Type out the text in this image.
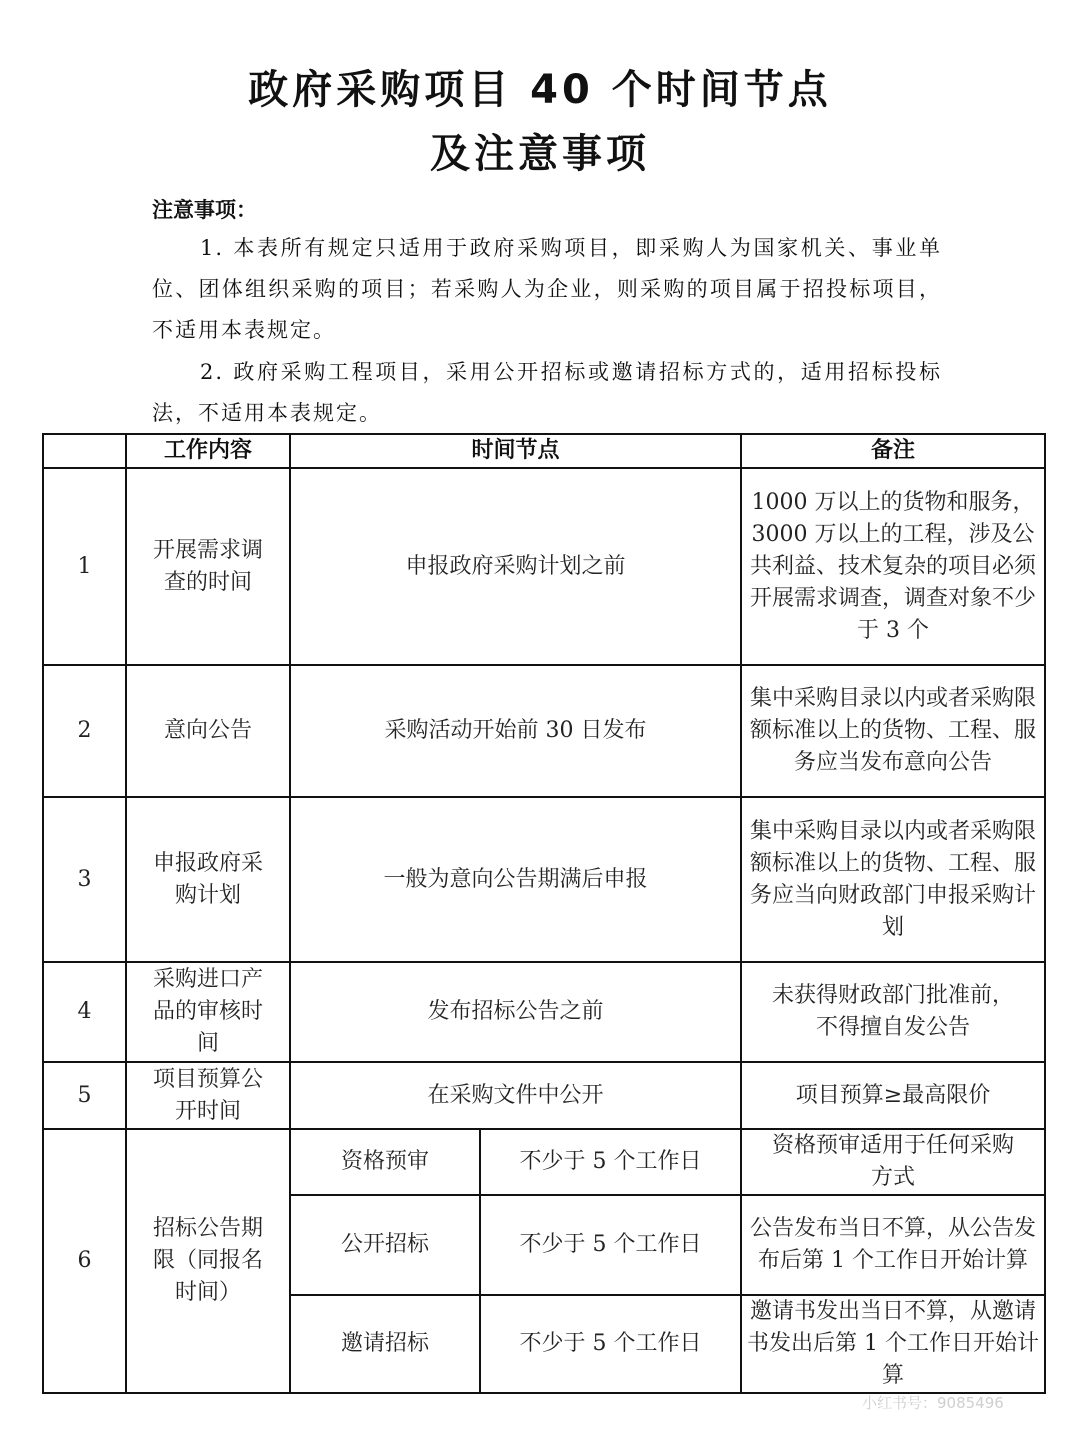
政府采购项目 40 个时间节点
及注意事项
注意事项：
1. 本表所有规定只适用于政府采购项目，即采购人为国家机关、事业单位、团体组织采购的项目；若采购人为企业，则采购的项目属于招投标项目，不适用本表规定。
2. 政府采购工程项目，采用公开招标或邀请招标方式的，适用招标投标法，不适用本表规定。
	工作内容	时间节点		备注
1	开展需求调查的时间	申报政府采购计划之前		1000 万以上的货物和服务，3000 万以上的工程，涉及公共利益、技术复杂的项目必须开展需求调查，调查对象不少于 3 个
2	意向公告	采购活动开始前 30 日发布		集中采购目录以内或者采购限额标准以上的货物、工程、服务应当发布意向公告
3	申报政府采购计划	一般为意向公告期满后申报		集中采购目录以内或者采购限额标准以上的货物、工程、服务应当向财政部门申报采购计划
4	采购进口产品的审核时间	发布招标公告之前		未获得财政部门批准前，不得擅自发公告
5	项目预算公开时间	在采购文件中公开		项目预算≥最高限价
6	招标公告期限（同报名时间）	资格预审	不少于 5 个工作日	资格预审适用于任何采购方式
		公开招标	不少于 5 个工作日	公告发布当日不算，从公告发布后第 1 个工作日开始计算
		邀请招标	不少于 5 个工作日	邀请书发出当日不算，从邀请书发出后第 1 个工作日开始计算
小红书号：9085496
